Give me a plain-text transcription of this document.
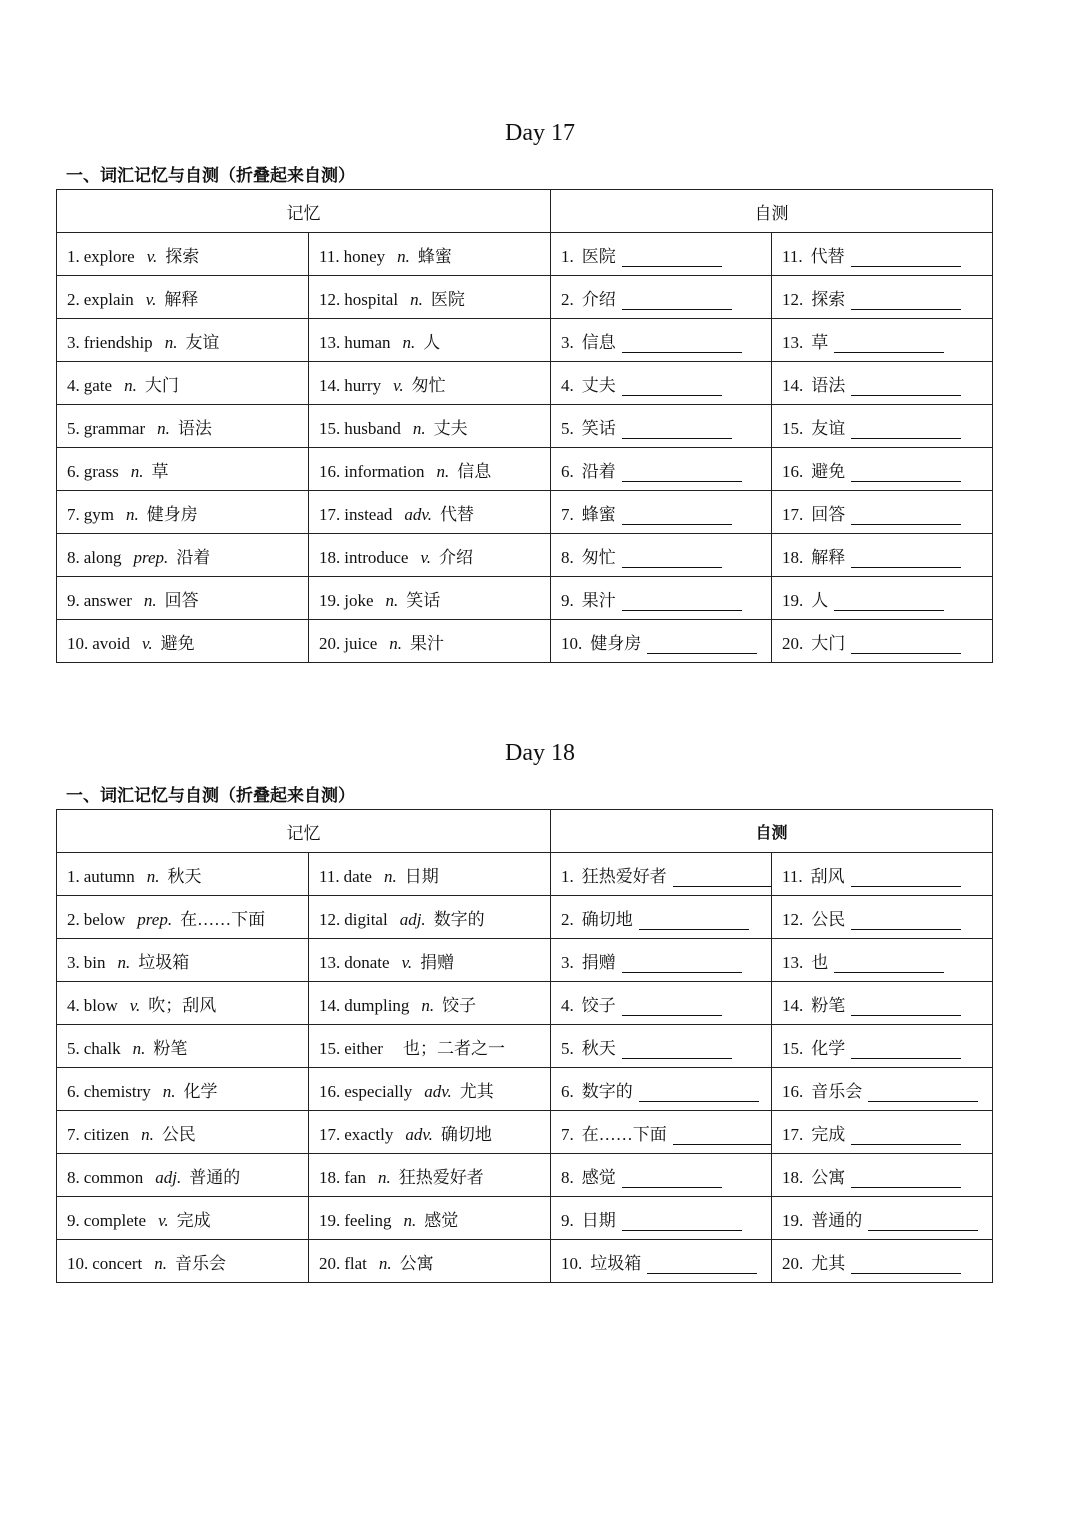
Day 17
一、词汇记忆与自测（折叠起来自测）
记忆		自测	
1. explore v. 探索	11. honey n. 蜂蜜	1. 医院	11. 代替
2. explain v. 解释	12. hospital n. 医院	2. 介绍	12. 探索
3. friendship n. 友谊	13. human n. 人	3. 信息	13. 草
4. gate n. 大门	14. hurry v. 匆忙	4. 丈夫	14. 语法
5. grammar n. 语法	15. husband n. 丈夫	5. 笑话	15. 友谊
6. grass n. 草	16. information n. 信息	6. 沿着	16. 避免
7. gym n. 健身房	17. instead adv. 代替	7. 蜂蜜	17. 回答
8. along prep. 沿着	18. introduce v. 介绍	8. 匆忙	18. 解释
9. answer n. 回答	19. joke n. 笑话	9. 果汁	19. 人
10. avoid v. 避免	20. juice n. 果汁	10. 健身房	20. 大门
Day 18
一、词汇记忆与自测（折叠起来自测）
记忆		自测	
1. autumn n. 秋天	11. date n. 日期	1. 狂热爱好者	11. 刮风
2. below prep. 在……下面	12. digital adj. 数字的	2. 确切地	12. 公民
3. bin n. 垃圾箱	13. donate v. 捐赠	3. 捐赠	13. 也
4. blow v. 吹；刮风	14. dumpling n. 饺子	4. 饺子	14. 粉笔
5. chalk n. 粉笔	15. either 也；二者之一	5. 秋天	15. 化学
6. chemistry n. 化学	16. especially adv. 尤其	6. 数字的	16. 音乐会
7. citizen n. 公民	17. exactly adv. 确切地	7. 在……下面	17. 完成
8. common adj. 普通的	18. fan n. 狂热爱好者	8. 感觉	18. 公寓
9. complete v. 完成	19. feeling n. 感觉	9. 日期	19. 普通的
10. concert n. 音乐会	20. flat n. 公寓	10. 垃圾箱	20. 尤其
